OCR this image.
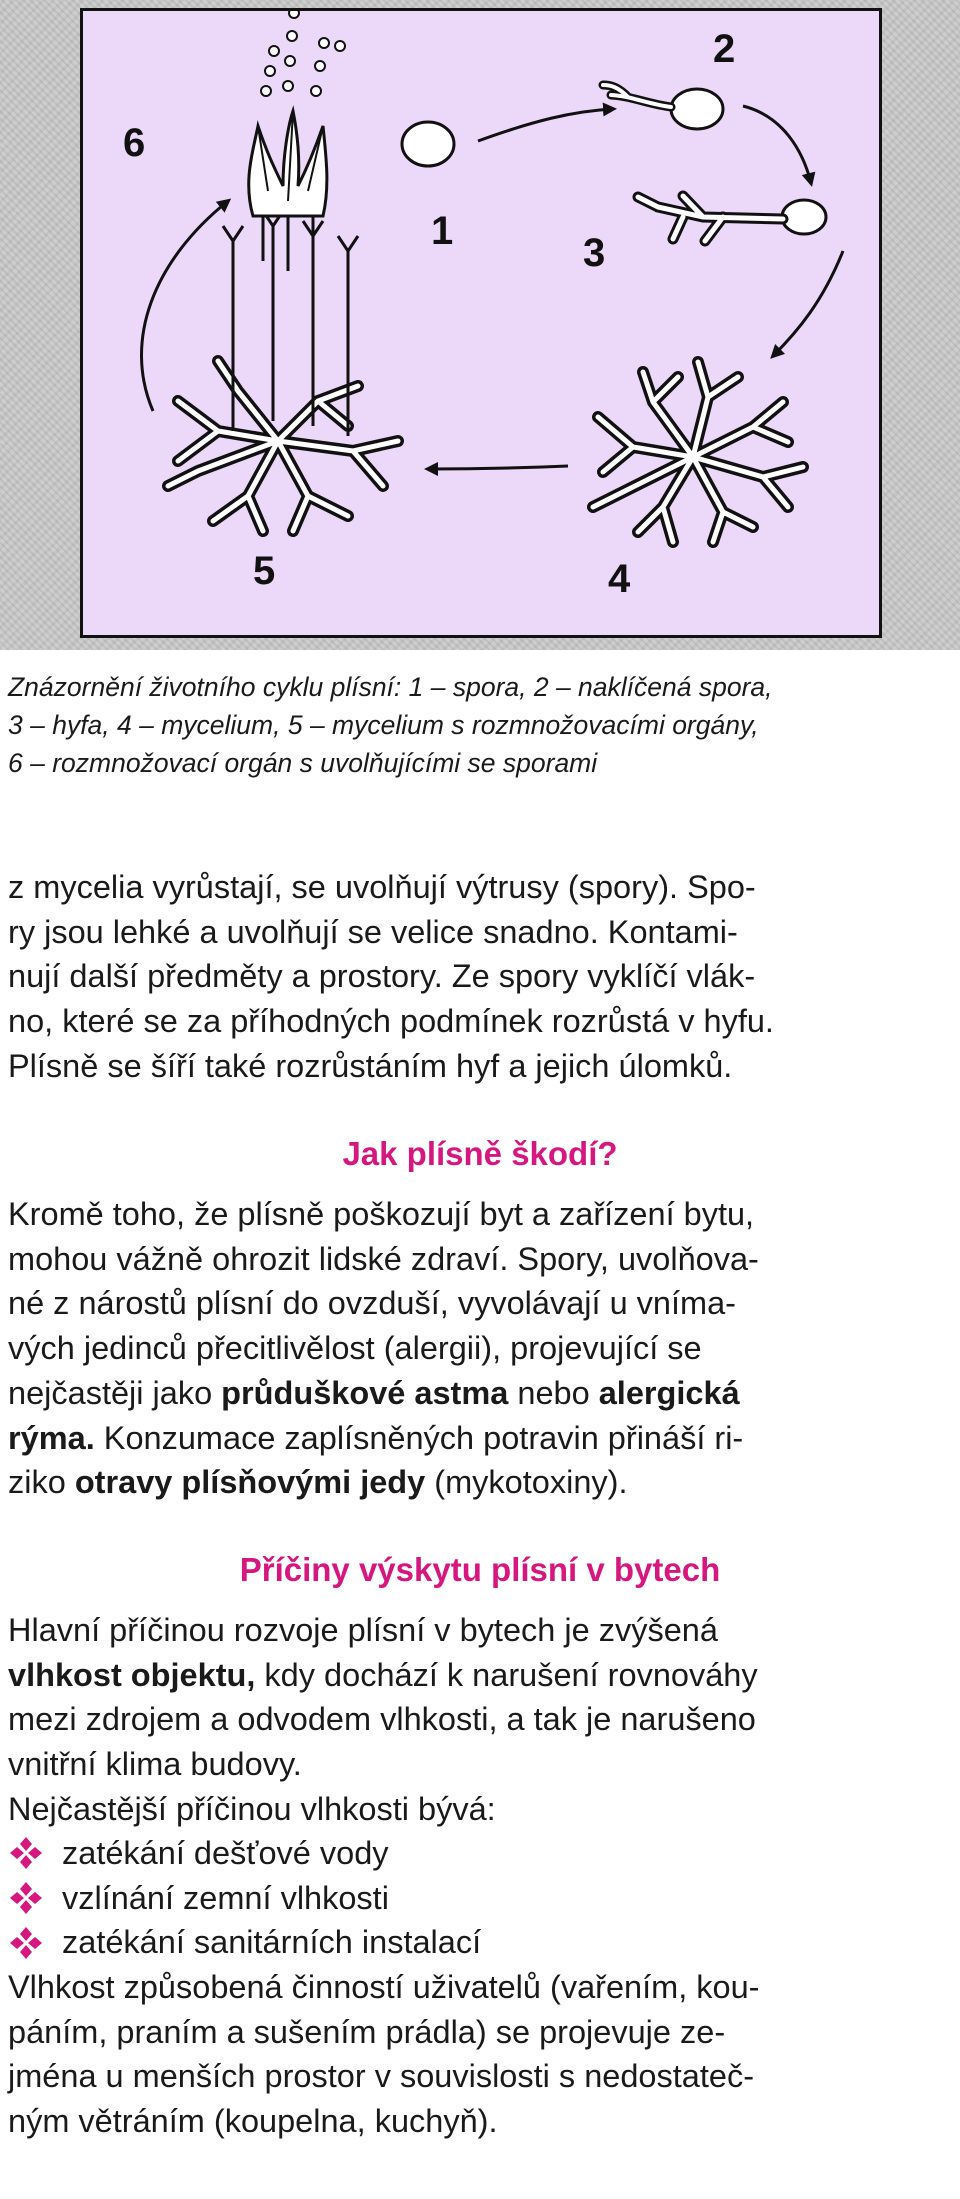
1
2
3
4
5
6

Znázornění životního cyklu plísní: 1 – spora, 2 – naklíčená spora,

3 – hyfa, 4 – mycelium, 5 – mycelium s rozmnožovacími orgány,

6 – rozmnožovací orgán s uvolňujícími se sporami

z mycelia vyrůstají, se uvolňují výtrusy (spory). Spo-

ry jsou lehké a uvolňují se velice snadno. Kontami-

nují další předměty a prostory. Ze spory vyklíčí vlák-

no, které se za příhodných podmínek rozrůstá v hyfu.

Plísně se šíří také rozrůstáním hyf a jejich úlomků.

Jak plísně škodí?

Kromě toho, že plísně poškozují byt a zařízení bytu,

mohou vážně ohrozit lidské zdraví. Spory, uvolňova-

né z nárostů plísní do ovzduší, vyvolávají u vníma-

vých jedinců přecitlivělost (alergii), projevující se

nejčastěji jako průduškové astma nebo alergická

rýma. Konzumace zaplísněných potravin přináší ri-

ziko otravy plísňovými jedy (mykotoxiny).

Příčiny výskytu plísní v bytech

Hlavní příčinou rozvoje plísní v bytech je zvýšená

vlhkost objektu, kdy dochází k narušení rovnováhy

mezi zdrojem a odvodem vlhkosti, a tak je narušeno

vnitřní klima budovy.

Nejčastější příčinou vlhkosti bývá:

zatékání dešťové vody
vzlínání zemní vlhkosti
zatékání sanitárních instalací

Vlhkost způsobená činností uživatelů (vařením, kou-

páním, praním a sušením prádla) se projevuje ze-

jména u menších prostor v souvislosti s nedostateč-

ným větráním (koupelna, kuchyň).
